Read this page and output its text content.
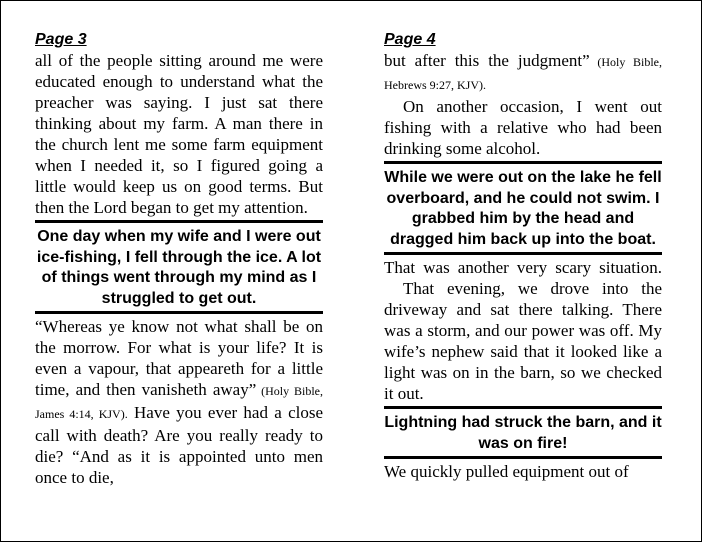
Page 3

all of the people sitting around me were educated enough to understand what the preacher was saying. I just sat there thinking about my farm. A man there in the church lent me some farm equipment when I needed it, so I figured going a little would keep us on good terms. But then the Lord began to get my attention.

One day when my wife and I were out ice-fishing, I fell through the ice. A lot of things went through my mind as I struggled to get out.

“Whereas ye know not what shall be on the morrow. For what is your life? It is even a vapour, that appeareth for a little time, and then vanisheth away” (Holy Bible, James 4:14, KJV). Have you ever had a close call with death? Are you really ready to die? “And as it is appointed unto men once to die,

Page 4

but after this the judgment” (Holy Bible, Hebrews 9:27, KJV).

On another occasion, I went out fishing with a relative who had been drinking some alcohol.

While we were out on the lake he fell overboard, and he could not swim. I grabbed him by the head and dragged him back up into the boat.

That was another very scary situation.

That evening, we drove into the driveway and sat there talking. There was a storm, and our power was off. My wife’s nephew said that it looked like a light was on in the barn, so we checked it out.

Lightning had struck the barn, and it was on fire!

We quickly pulled equipment out of
